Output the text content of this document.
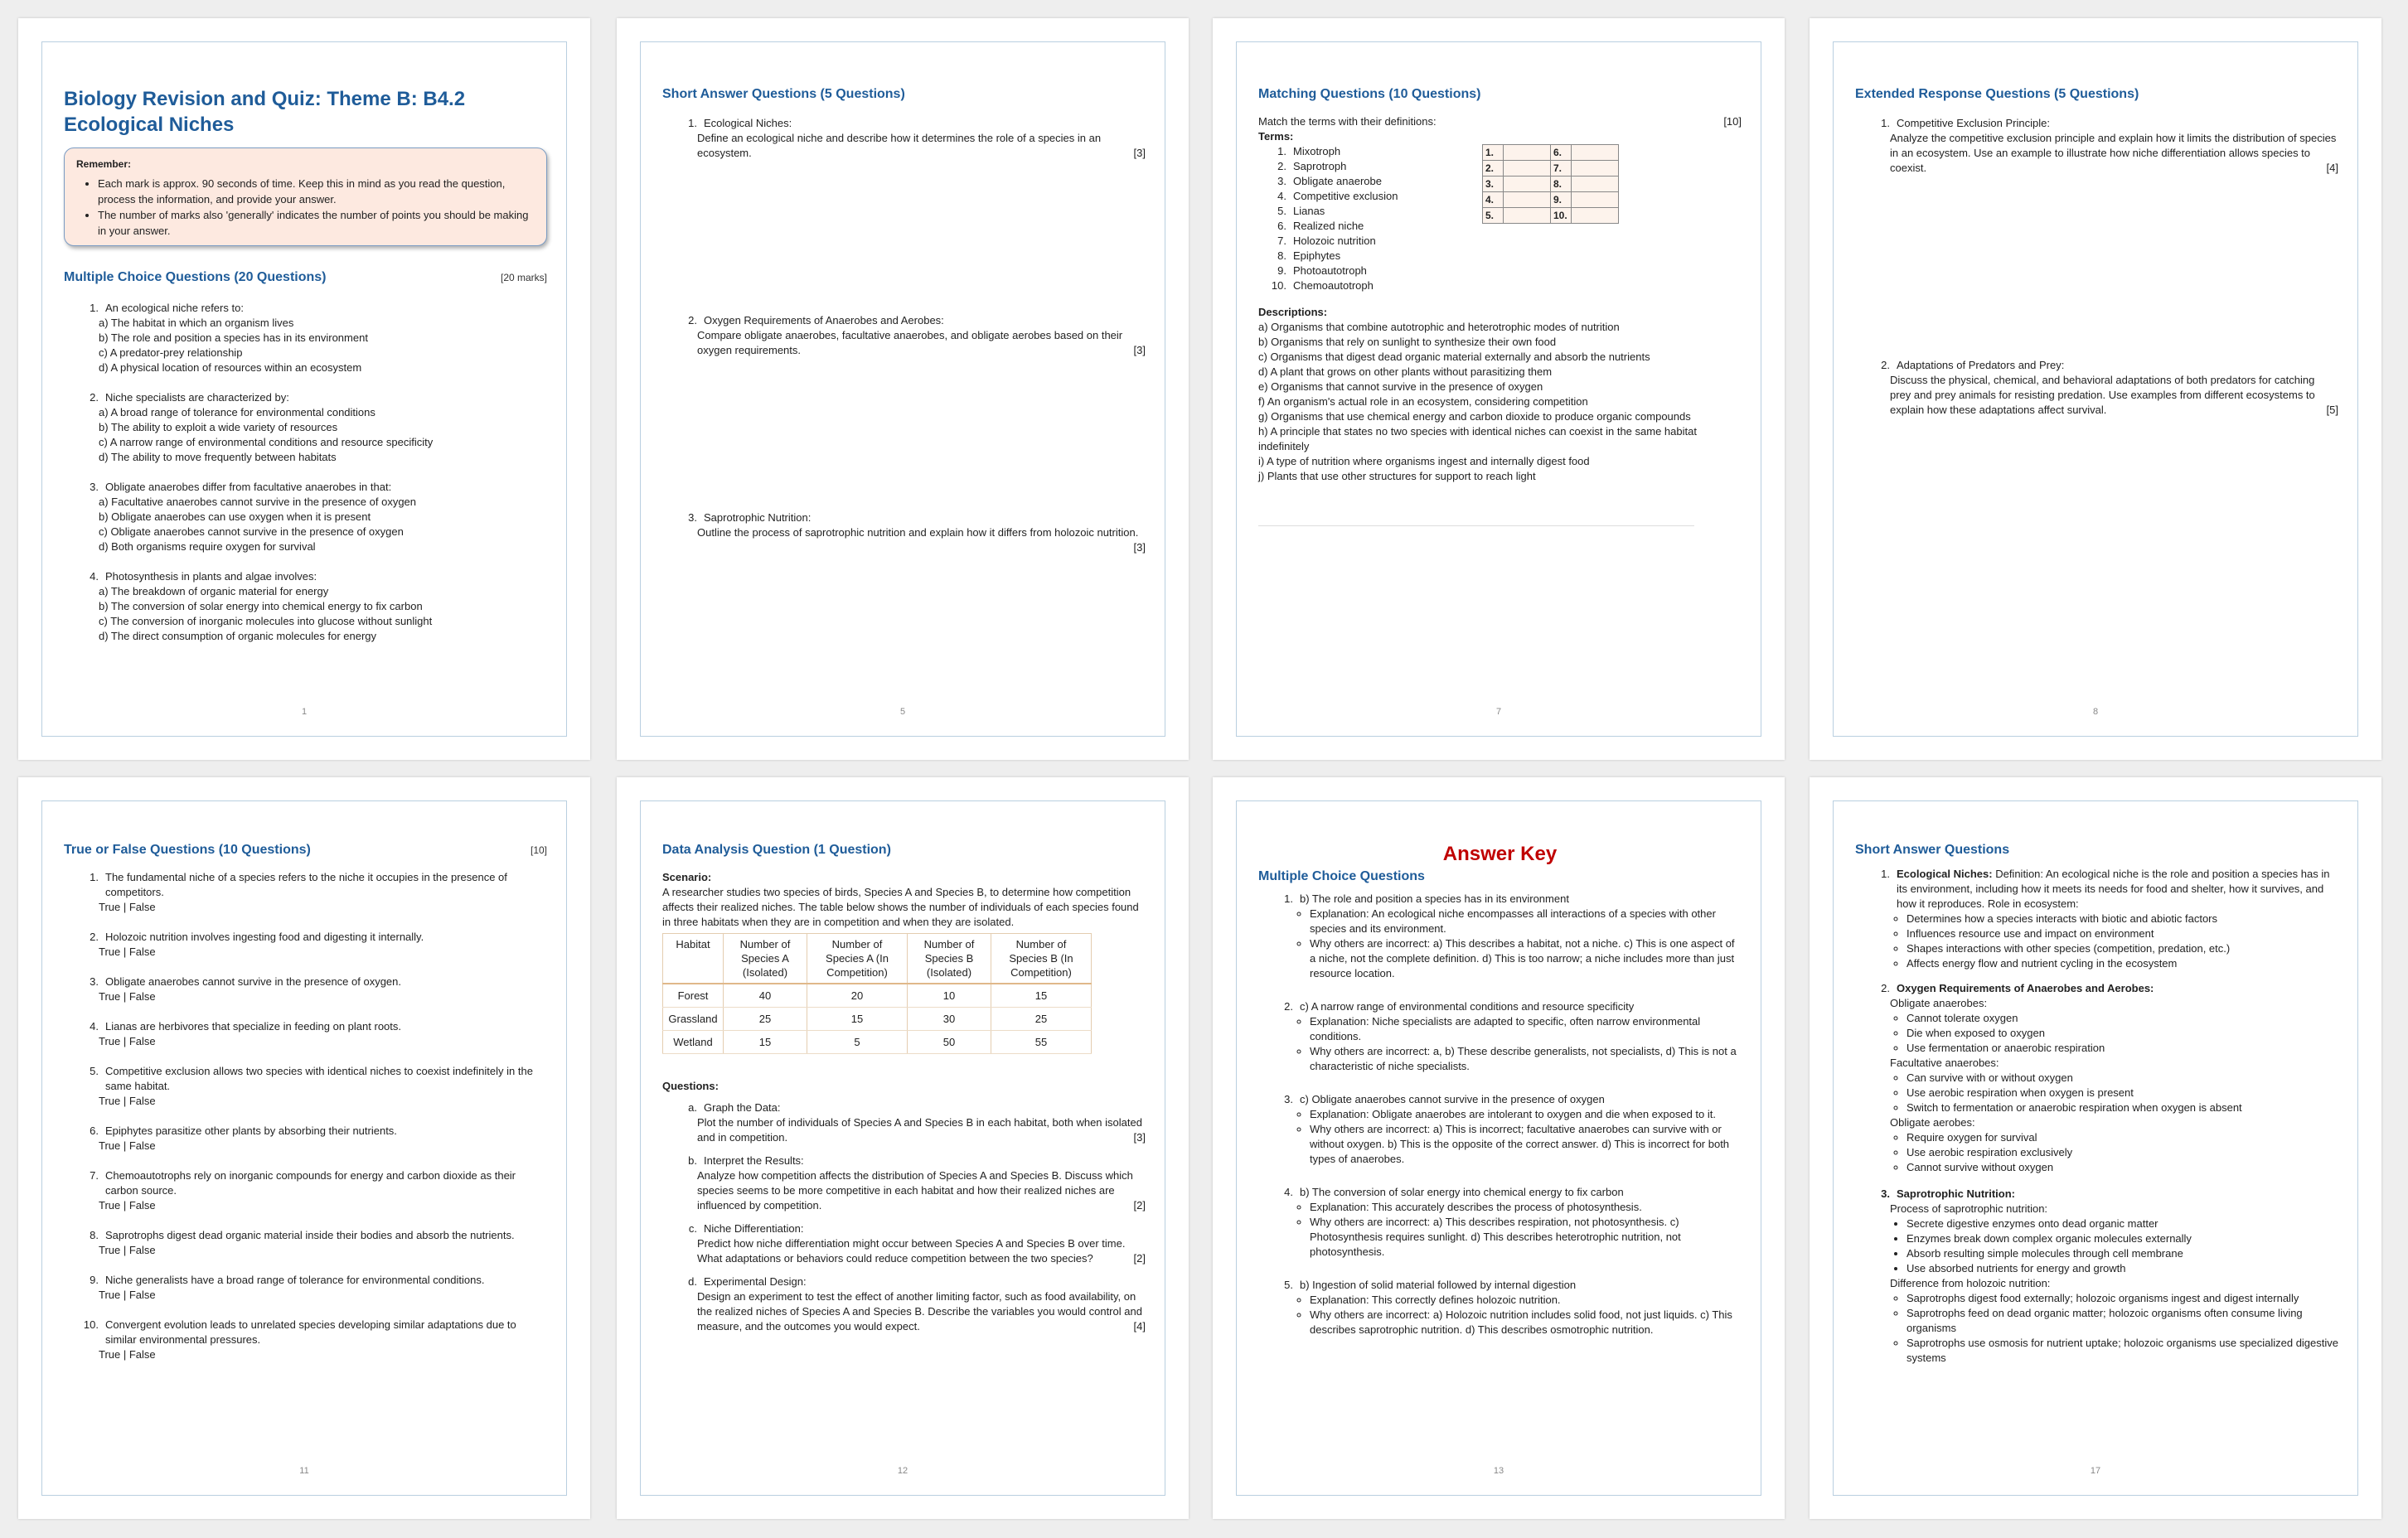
Biology Revision and Quiz: Theme B: B4.2
Ecological Niches
Remember:
• Each mark is approx. 90 seconds of time. Keep this in mind as you read the question, process the information, and provide your answer.
• The number of marks also 'generally' indicates the number of points you should be making in your answer.
Multiple Choice Questions (20 Questions)	[20 marks]
1. An ecological niche refers to:
a) The habitat in which an organism lives
b) The role and position a species has in its environment
c) A predator-prey relationship
d) A physical location of resources within an ecosystem
2. Niche specialists are characterized by:
a) A broad range of tolerance for environmental conditions
b) The ability to exploit a wide variety of resources
c) A narrow range of environmental conditions and resource specificity
d) The ability to move frequently between habitats
3. Obligate anaerobes differ from facultative anaerobes in that:
a) Facultative anaerobes cannot survive in the presence of oxygen
b) Obligate anaerobes can use oxygen when it is present
c) Obligate anaerobes cannot survive in the presence of oxygen
d) Both organisms require oxygen for survival
4. Photosynthesis in plants and algae involves:
a) The breakdown of organic material for energy
b) The conversion of solar energy into chemical energy to fix carbon
c) The conversion of inorganic molecules into glucose without sunlight
d) The direct consumption of organic molecules for energy
1
Short Answer Questions (5 Questions)
1. Ecological Niches:
Define an ecological niche and describe how it determines the role of a species in an ecosystem.	[3]
2. Oxygen Requirements of Anaerobes and Aerobes:
Compare obligate anaerobes, facultative anaerobes, and obligate aerobes based on their oxygen requirements.	[3]
3. Saprotrophic Nutrition:
Outline the process of saprotrophic nutrition and explain how it differs from holozoic nutrition.
[3]
5
Matching Questions (10 Questions)
Match the terms with their definitions:	[10]
Terms:
1. Mixotroph
2. Saprotroph
3. Obligate anaerobe
4. Competitive exclusion
5. Lianas
6. Realized niche
7. Holozoic nutrition
8. Epiphytes
9. Photoautotroph
10. Chemoautotroph
1.		6.	
2.		7.	
3.		8.	
4.		9.	
5.		10.	
Descriptions:
a) Organisms that combine autotrophic and heterotrophic modes of nutrition
b) Organisms that rely on sunlight to synthesize their own food
c) Organisms that digest dead organic material externally and absorb the nutrients
d) A plant that grows on other plants without parasitizing them
e) Organisms that cannot survive in the presence of oxygen
f) An organism's actual role in an ecosystem, considering competition
g) Organisms that use chemical energy and carbon dioxide to produce organic compounds
h) A principle that states no two species with identical niches can coexist in the same habitat indefinitely
i) A type of nutrition where organisms ingest and internally digest food
j) Plants that use other structures for support to reach light
7
Extended Response Questions (5 Questions)
1. Competitive Exclusion Principle:
Analyze the competitive exclusion principle and explain how it limits the distribution of species in an ecosystem. Use an example to illustrate how niche differentiation allows species to coexist.	[4]
2. Adaptations of Predators and Prey:
Discuss the physical, chemical, and behavioral adaptations of both predators for catching prey and prey animals for resisting predation. Use examples from different ecosystems to explain how these adaptations affect survival.	[5]
8
True or False Questions (10 Questions)	[10]
1. The fundamental niche of a species refers to the niche it occupies in the presence of competitors.
True | False
2. Holozoic nutrition involves ingesting food and digesting it internally.
True | False
3. Obligate anaerobes cannot survive in the presence of oxygen.
True | False
4. Lianas are herbivores that specialize in feeding on plant roots.
True | False
5. Competitive exclusion allows two species with identical niches to coexist indefinitely in the same habitat.
True | False
6. Epiphytes parasitize other plants by absorbing their nutrients.
True | False
7. Chemoautotrophs rely on inorganic compounds for energy and carbon dioxide as their carbon source.
True | False
8. Saprotrophs digest dead organic material inside their bodies and absorb the nutrients.
True | False
9. Niche generalists have a broad range of tolerance for environmental conditions.
True | False
10. Convergent evolution leads to unrelated species developing similar adaptations due to similar environmental pressures.
True | False
11
Data Analysis Question (1 Question)
Scenario:
A researcher studies two species of birds, Species A and Species B, to determine how competition affects their realized niches. The table below shows the number of individuals of each species found in three habitats when they are in competition and when they are isolated.
Habitat	Number of Species A (Isolated)	Number of Species A (In Competition)	Number of Species B (Isolated)	Number of Species B (In Competition)
Forest	40	20	10	15
Grassland	25	15	30	25
Wetland	15	5	50	55
Questions:
a. Graph the Data:
Plot the number of individuals of Species A and Species B in each habitat, both when isolated and in competition.	[3]
b. Interpret the Results:
Analyze how competition affects the distribution of Species A and Species B. Discuss which species seems to be more competitive in each habitat and how their realized niches are influenced by competition.	[2]
c. Niche Differentiation:
Predict how niche differentiation might occur between Species A and Species B over time. What adaptations or behaviors could reduce competition between the two species?	[2]
d. Experimental Design:
Design an experiment to test the effect of another limiting factor, such as food availability, on the realized niches of Species A and Species B. Describe the variables you would control and measure, and the outcomes you would expect.	[4]
12
Answer Key
Multiple Choice Questions
1. b) The role and position a species has in its environment
◦ Explanation: An ecological niche encompasses all interactions of a species with other species and its environment.
◦ Why others are incorrect: a) This describes a habitat, not a niche. c) This is one aspect of a niche, not the complete definition. d) This is too narrow; a niche includes more than just resource location.
2. c) A narrow range of environmental conditions and resource specificity
◦ Explanation: Niche specialists are adapted to specific, often narrow environmental conditions.
◦ Why others are incorrect: a, b) These describe generalists, not specialists, d) This is not a characteristic of niche specialists.
3. c) Obligate anaerobes cannot survive in the presence of oxygen
◦ Explanation: Obligate anaerobes are intolerant to oxygen and die when exposed to it.
◦ Why others are incorrect: a) This is incorrect; facultative anaerobes can survive with or without oxygen. b) This is the opposite of the correct answer. d) This is incorrect for both types of anaerobes.
4. b) The conversion of solar energy into chemical energy to fix carbon
◦ Explanation: This accurately describes the process of photosynthesis.
◦ Why others are incorrect: a) This describes respiration, not photosynthesis. c) Photosynthesis requires sunlight. d) This describes heterotrophic nutrition, not photosynthesis.
5. b) Ingestion of solid material followed by internal digestion
◦ Explanation: This correctly defines holozoic nutrition.
◦ Why others are incorrect: a) Holozoic nutrition includes solid food, not just liquids. c) This describes saprotrophic nutrition. d) This describes osmotrophic nutrition.
13
Short Answer Questions
1. Ecological Niches: Definition: An ecological niche is the role and position a species has in its environment, including how it meets its needs for food and shelter, how it survives, and how it reproduces. Role in ecosystem:
◦ Determines how a species interacts with biotic and abiotic factors
◦ Influences resource use and impact on environment
◦ Shapes interactions with other species (competition, predation, etc.)
◦ Affects energy flow and nutrient cycling in the ecosystem
2. Oxygen Requirements of Anaerobes and Aerobes:
Obligate anaerobes:
◦ Cannot tolerate oxygen
◦ Die when exposed to oxygen
◦ Use fermentation or anaerobic respiration
Facultative anaerobes:
◦ Can survive with or without oxygen
◦ Use aerobic respiration when oxygen is present
◦ Switch to fermentation or anaerobic respiration when oxygen is absent
Obligate aerobes:
◦ Require oxygen for survival
◦ Use aerobic respiration exclusively
◦ Cannot survive without oxygen
3. Saprotrophic Nutrition:
Process of saprotrophic nutrition:
• Secrete digestive enzymes onto dead organic matter
• Enzymes break down complex organic molecules externally
• Absorb resulting simple molecules through cell membrane
• Use absorbed nutrients for energy and growth
Difference from holozoic nutrition:
◦ Saprotrophs digest food externally; holozoic organisms ingest and digest internally
◦ Saprotrophs feed on dead organic matter; holozoic organisms often consume living organisms
◦ Saprotrophs use osmosis for nutrient uptake; holozoic organisms use specialized digestive systems
17
